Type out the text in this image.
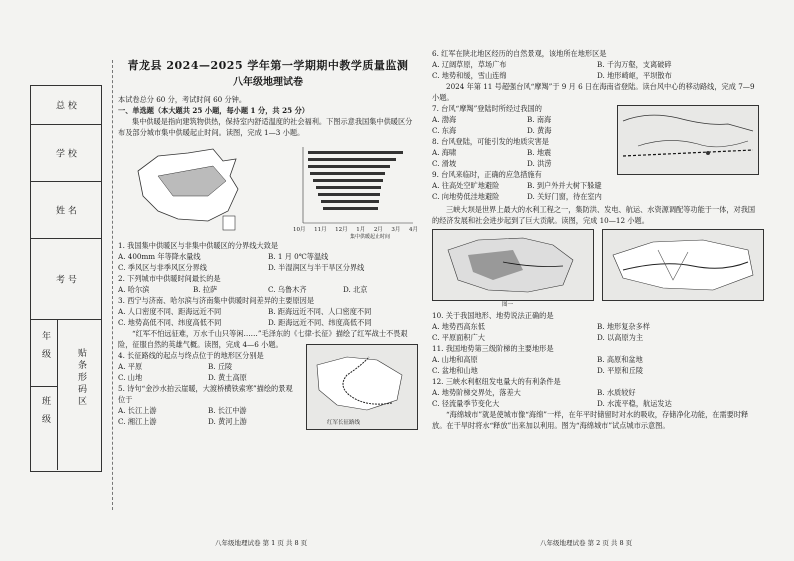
总 校
学 校
姓 名
考 号
年 级
班 级
贴条形码区
青龙县 2024—2025 学年第一学期期中教学质量监测
八年级地理试卷
本试卷总分 60 分，考试时间 60 分钟。
一、单选题（本大题共 25 小题，每小题 1 分，共 25 分）
集中供暖是指向建筑物供热，保持室内舒适温度的社会福利。下图示意我国集中供暖区分布及部分城市集中供暖起止时间。读图，完成 1—3 小题。
10月 11月 12月 1月 2月 3月 4月
集中供暖起止时间
1. 我国集中供暖区与非集中供暖区的分界线大致是
A. 400mm 年等降水量线	B. 1 月 0℃等温线
C. 季风区与非季风区分界线	D. 半湿润区与半干旱区分界线
2. 下列城市中供暖时间最长的是
A. 哈尔滨	B. 拉萨	C. 乌鲁木齐	D. 北京
3. 西宁与济南、哈尔滨与济南集中供暖时间差异的主要原因是
A. 人口密度不同、距海远近不同	B. 距海远近不同、人口密度不同
C. 地势高低不同、纬度高低不同	D. 距海远近不同、纬度高低不同
“红军不怕远征难，万水千山只等闲……”毛泽东的《七律·长征》描绘了红军战士不畏艰险，征服自然的英雄气概。读图，完成 4—6 小题。
4. 长征路线的起点与终点位于的地形区分别是
A. 平原	B. 丘陵
C. 山地	D. 黄土高原
5. 诗句“金沙水拍云崖暖，大渡桥横铁索寒”描绘的景观位于
A. 长江上游	B. 长江中游
C. 湘江上游	D. 黄河上游	红军长征路线
6. 红军在陕北地区经历的自然景观，该地所在地形区是
A. 辽阔草原，草场广布	B. 千沟万壑，支离破碎
C. 地势和缓，雪山连绵	D. 地形崎岖，平坝散布
2024 年第 11 号超强台风“摩羯”于 9 月 6 日在海南省登陆。读台风中心的移动路线，完成 7—9 小题。
7. 台风“摩羯”登陆时所经过我国的
A. 渤海	B. 南海
C. 东海	D. 黄海
8. 台风登陆，可能引发的地质灾害是
A. 海啸	B. 地震
C. 滑坡	D. 洪涝
9. 台风来临时，正确的应急措施有
A. 往高处空旷地避险	B. 到户外并大树下躲避
C. 向地势低洼地避险	D. 关好门窗，待在室内
三峡大坝是世界上最大的水利工程之一，集防洪、发电、航运、水资源调配等功能于一体，对我国的经济发展和社会进步起到了巨大贡献。读图，完成 10—12 小题。
图一
10. 关于我国地形、地势说法正确的是
A. 地势西高东低	B. 地形复杂多样
C. 平原面积广大	D. 以高原为主
11. 我国地势第三级阶梯的主要地形是
A. 山地和高原	B. 高原和盆地
C. 盆地和山地	D. 平原和丘陵
12. 三峡水利枢纽发电量大的有利条件是
A. 地势阶梯交界处，落差大	B. 水质较好
C. 径流量季节变化大	D. 水流平稳，航运发达
“海绵城市”就是使城市像“海绵”一样，在年平时储留时对水的吸收，存储净化功能，在需要时释放。在干旱时将水“释放”出来加以利用。图为“海绵城市”试点城市示意图。
八年级地理试卷 第 1 页 共 8 页	八年级地理试卷 第 2 页 共 8 页
